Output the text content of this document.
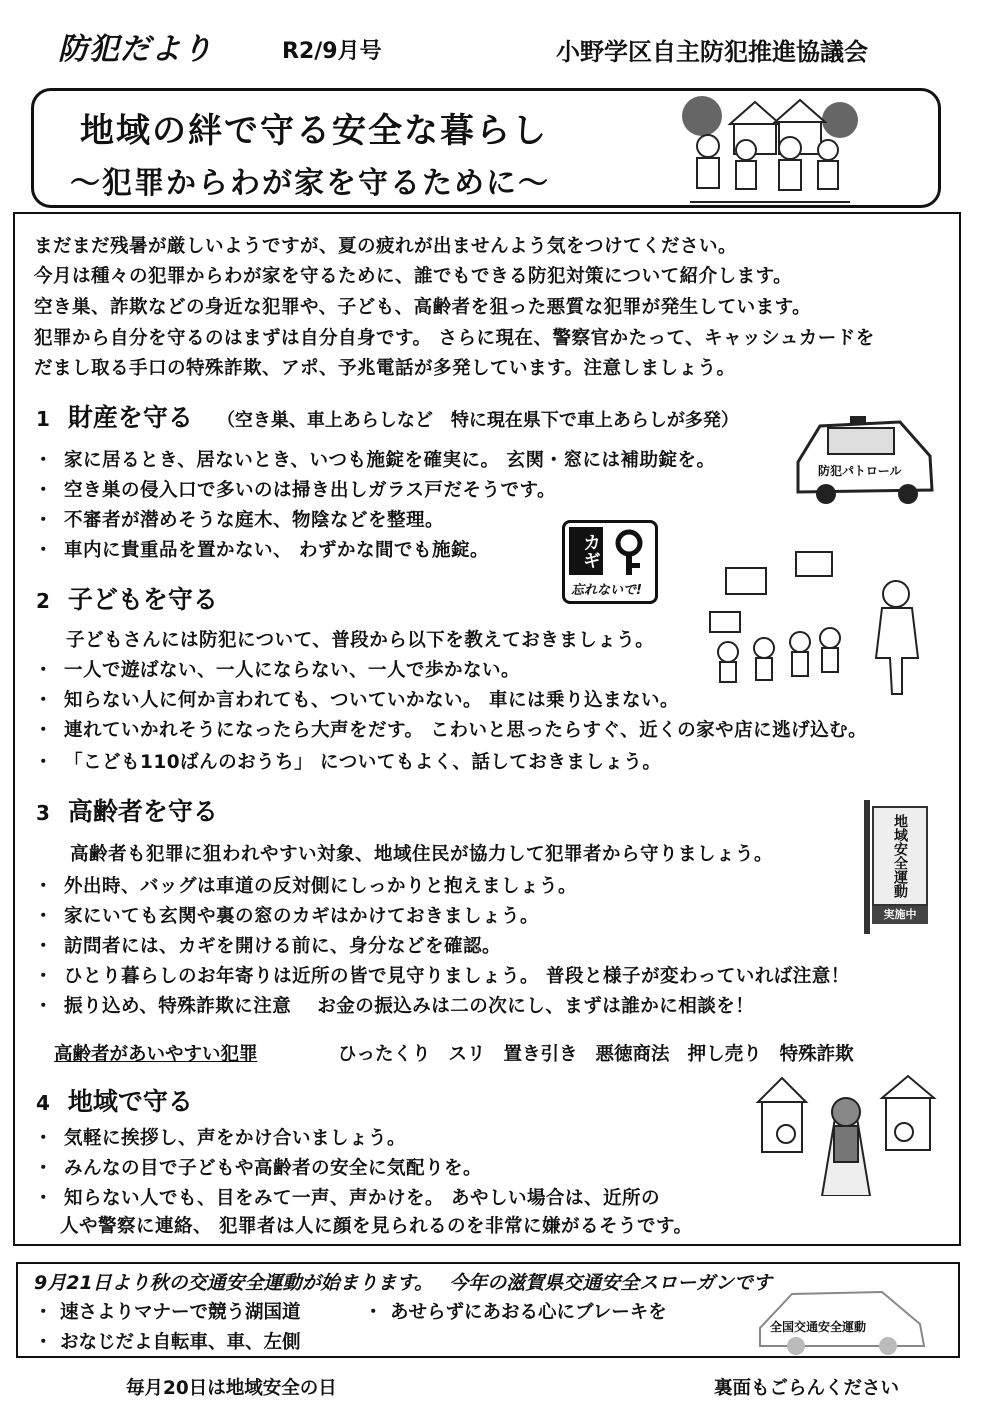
防犯だより	R2/9月号	小野学区自主防犯推進協議会
地域の絆で守る安全な暮らし
～犯罪からわが家を守るために～
まだまだ残暑が厳しいようですが、夏の疲れが出ませんよう気をつけてください。
今月は種々の犯罪からわが家を守るために、誰でもできる防犯対策について紹介します。
空き巣、詐欺などの身近な犯罪や、子ども、高齢者を狙った悪質な犯罪が発生しています。
犯罪から自分を守るのはまずは自分自身です。 さらに現在、警察官かたって、キャッシュカードを
だまし取る手口の特殊詐欺、アポ、予兆電話が多発しています。注意しましょう。
1 財産を守る （空き巣、車上あらしなど　特に現在県下で車上あらしが多発）
・ 家に居るとき、居ないとき、いつも施錠を確実に。 玄関・窓には補助錠を。
・ 空き巣の侵入口で多いのは掃き出しガラス戸だそうです。
・ 不審者が潜めそうな庭木、物陰などを整理。
・ 車内に貴重品を置かない、 わずかな間でも施錠。
防犯パトロール
カギ
忘れないで!
2 子どもを守る
子どもさんには防犯について、普段から以下を教えておきましょう。
・ 一人で遊ばない、一人にならない、一人で歩かない。
・ 知らない人に何か言われても、ついていかない。 車には乗り込まない。
・ 連れていかれそうになったら大声をだす。 こわいと思ったらすぐ、近くの家や店に逃げ込む。
・ 「こども110ばんのおうち」 についてもよく、話しておきましょう。
3 高齢者を守る
高齢者も犯罪に狙われやすい対象、地域住民が協力して犯罪者から守りましょう。
・ 外出時、バッグは車道の反対側にしっかりと抱えましょう。
・ 家にいても玄関や裏の窓のカギはかけておきましょう。
・ 訪問者には、カギを開ける前に、身分などを確認。
・ ひとり暮らしのお年寄りは近所の皆で見守りましょう。 普段と様子が変わっていれば注意！
・ 振り込め、特殊詐欺に注意　 お金の振込みは二の次にし、まずは誰かに相談を！
地域安全運動
実施中
高齢者があいやすい犯罪	ひったくり スリ 置き引き 悪徳商法 押し売り 特殊詐欺
4 地域で守る
・ 気軽に挨拶し、声をかけ合いましょう。
・ みんなの目で子どもや高齢者の安全に気配りを。
・ 知らない人でも、目をみて一声、声かけを。 あやしい場合は、近所の
人や警察に連絡、 犯罪者は人に顔を見られるのを非常に嫌がるそうです。
9月21日より秋の交通安全運動が始まります。　 今年の滋賀県交通安全スローガンです
・ 速さよりマナーで競う湖国道	・ あせらずにあおる心にブレーキを
・ おなじだよ自転車、車、左側
全国交通安全運動
毎月20日は地域安全の日	裏面もごらんください
